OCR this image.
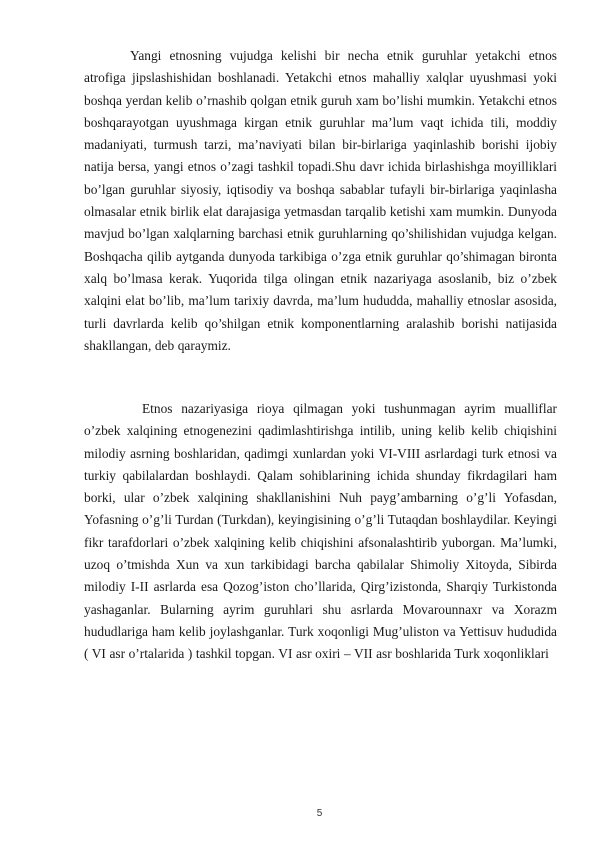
Yangi etnosning vujudga kelishi bir necha etnik guruhlar yetakchi etnos atrofiga jipslashishidan boshlanadi. Yetakchi etnos mahalliy xalqlar uyushmasi yoki boshqa yerdan kelib o’rnashib qolgan etnik guruh xam bo’lishi mumkin. Yetakchi etnos boshqarayotgan uyushmaga kirgan etnik guruhlar ma’lum vaqt ichida tili, moddiy madaniyati, turmush tarzi, ma’naviyati bilan bir-birlariga yaqinlashib borishi ijobiy natija bersa, yangi etnos o’zagi tashkil topadi.Shu davr ichida birlashishga moyilliklari bo’lgan guruhlar siyosiy, iqtisodiy va boshqa sabablar tufayli bir-birlariga yaqinlasha olmasalar etnik birlik elat darajasiga yetmasdan tarqalib ketishi xam mumkin. Dunyoda mavjud bo’lgan xalqlarning barchasi etnik guruhlarning qo’shilishidan vujudga kelgan. Boshqacha qilib aytganda dunyoda tarkibiga o’zga etnik guruhlar qo’shimagan bironta xalq bo’lmasa kerak. Yuqorida tilga olingan etnik nazariyaga asoslanib, biz o’zbek xalqini elat bo’lib, ma’lum tarixiy davrda, ma’lum hududda, mahalliy etnoslar asosida, turli davrlarda kelib qo’shilgan etnik komponentlarning aralashib borishi natijasida shakllangan, deb qaraymiz.

Etnos nazariyasiga rioya qilmagan yoki tushunmagan ayrim mualliflar o’zbek xalqining etnogenezini qadimlashtirishga intilib, uning kelib kelib chiqishini milodiy asrning boshlaridan, qadimgi xunlardan yoki VI-VIII asrlardagi turk etnosi va turkiy qabilalardan boshlaydi. Qalam sohiblarining ichida shunday fikrdagilari ham borki, ular o’zbek xalqining shakllanishini Nuh payg’ambarning o’g’li Yofasdan, Yofasning o’g’li Turdan (Turkdan), keyingisining o’g’li Tutaqdan boshlaydilar. Keyingi fikr tarafdorlari o’zbek xalqining kelib chiqishini afsonalashtirib yuborgan. Ma’lumki, uzoq o’tmishda Xun va xun tarkibidagi barcha qabilalar Shimoliy Xitoyda, Sibirda milodiy I-II asrlarda esa Qozog’iston cho’llarida, Qirg’izistonda, Sharqiy Turkistonda yashaganlar. Bularning ayrim guruhlari shu asrlarda Movarounnaxr va Xorazm hududlariga ham kelib joylashganlar. Turk xoqonligi Mug’uliston va Yettisuv hududida ( VI asr o’rtalarida ) tashkil topgan. VI asr oxiri – VII asr boshlarida Turk xoqonliklari

5
